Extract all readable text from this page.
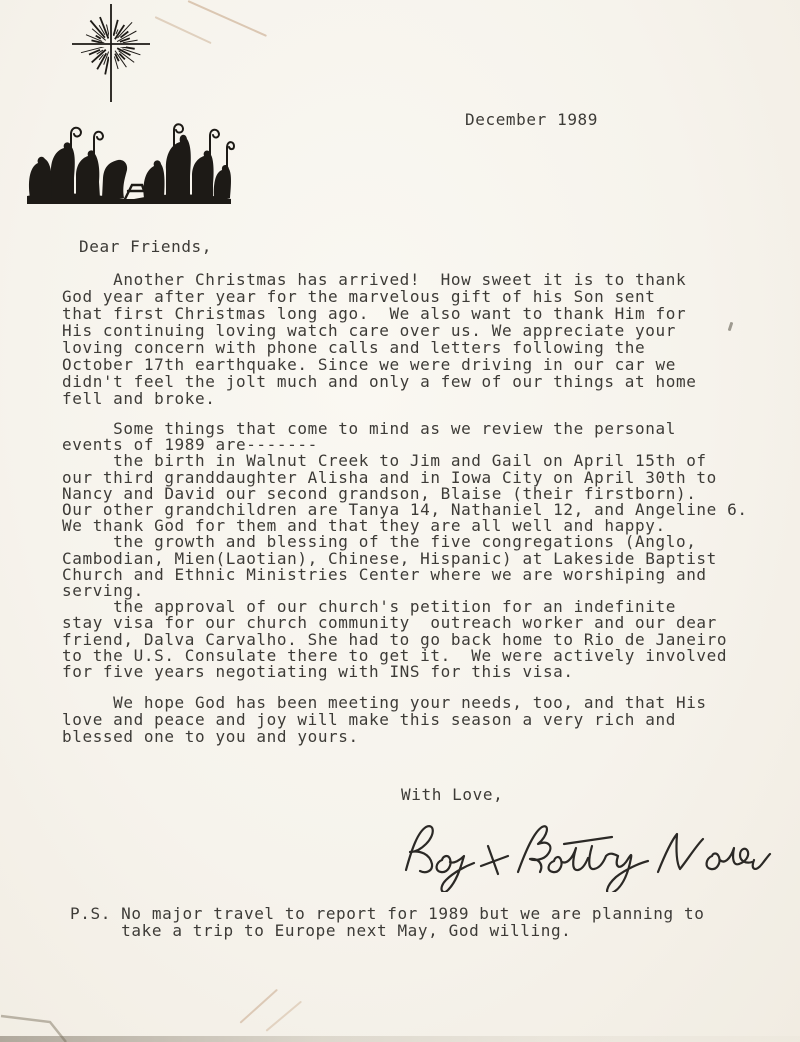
December 1989
Dear Friends,
Another Christmas has arrived!  How sweet it is to thank
God year after year for the marvelous gift of his Son sent
that first Christmas long ago.  We also want to thank Him for
His continuing loving watch care over us. We appreciate your
loving concern with phone calls and letters following the
October 17th earthquake. Since we were driving in our car we
didn't feel the jolt much and only a few of our things at home
fell and broke.
Some things that come to mind as we review the personal
events of 1989 are-------
the birth in Walnut Creek to Jim and Gail on April 15th of
our third granddaughter Alisha and in Iowa City on April 30th to
Nancy and David our second grandson, Blaise (their firstborn).
Our other grandchildren are Tanya 14, Nathaniel 12, and Angeline 6.
We thank God for them and that they are all well and happy.
the growth and blessing of the five congregations (Anglo,
Cambodian, Mien(Laotian), Chinese, Hispanic) at Lakeside Baptist
Church and Ethnic Ministries Center where we are worshiping and
serving.
the approval of our church's petition for an indefinite
stay visa for our church community  outreach worker and our dear
friend, Dalva Carvalho. She had to go back home to Rio de Janeiro
to the U.S. Consulate there to get it.  We were actively involved
for five years negotiating with INS for this visa.
We hope God has been meeting your needs, too, and that His
love and peace and joy will make this season a very rich and
blessed one to you and yours.
With Love,
P.S. No major travel to report for 1989 but we are planning to
take a trip to Europe next May, God willing.
